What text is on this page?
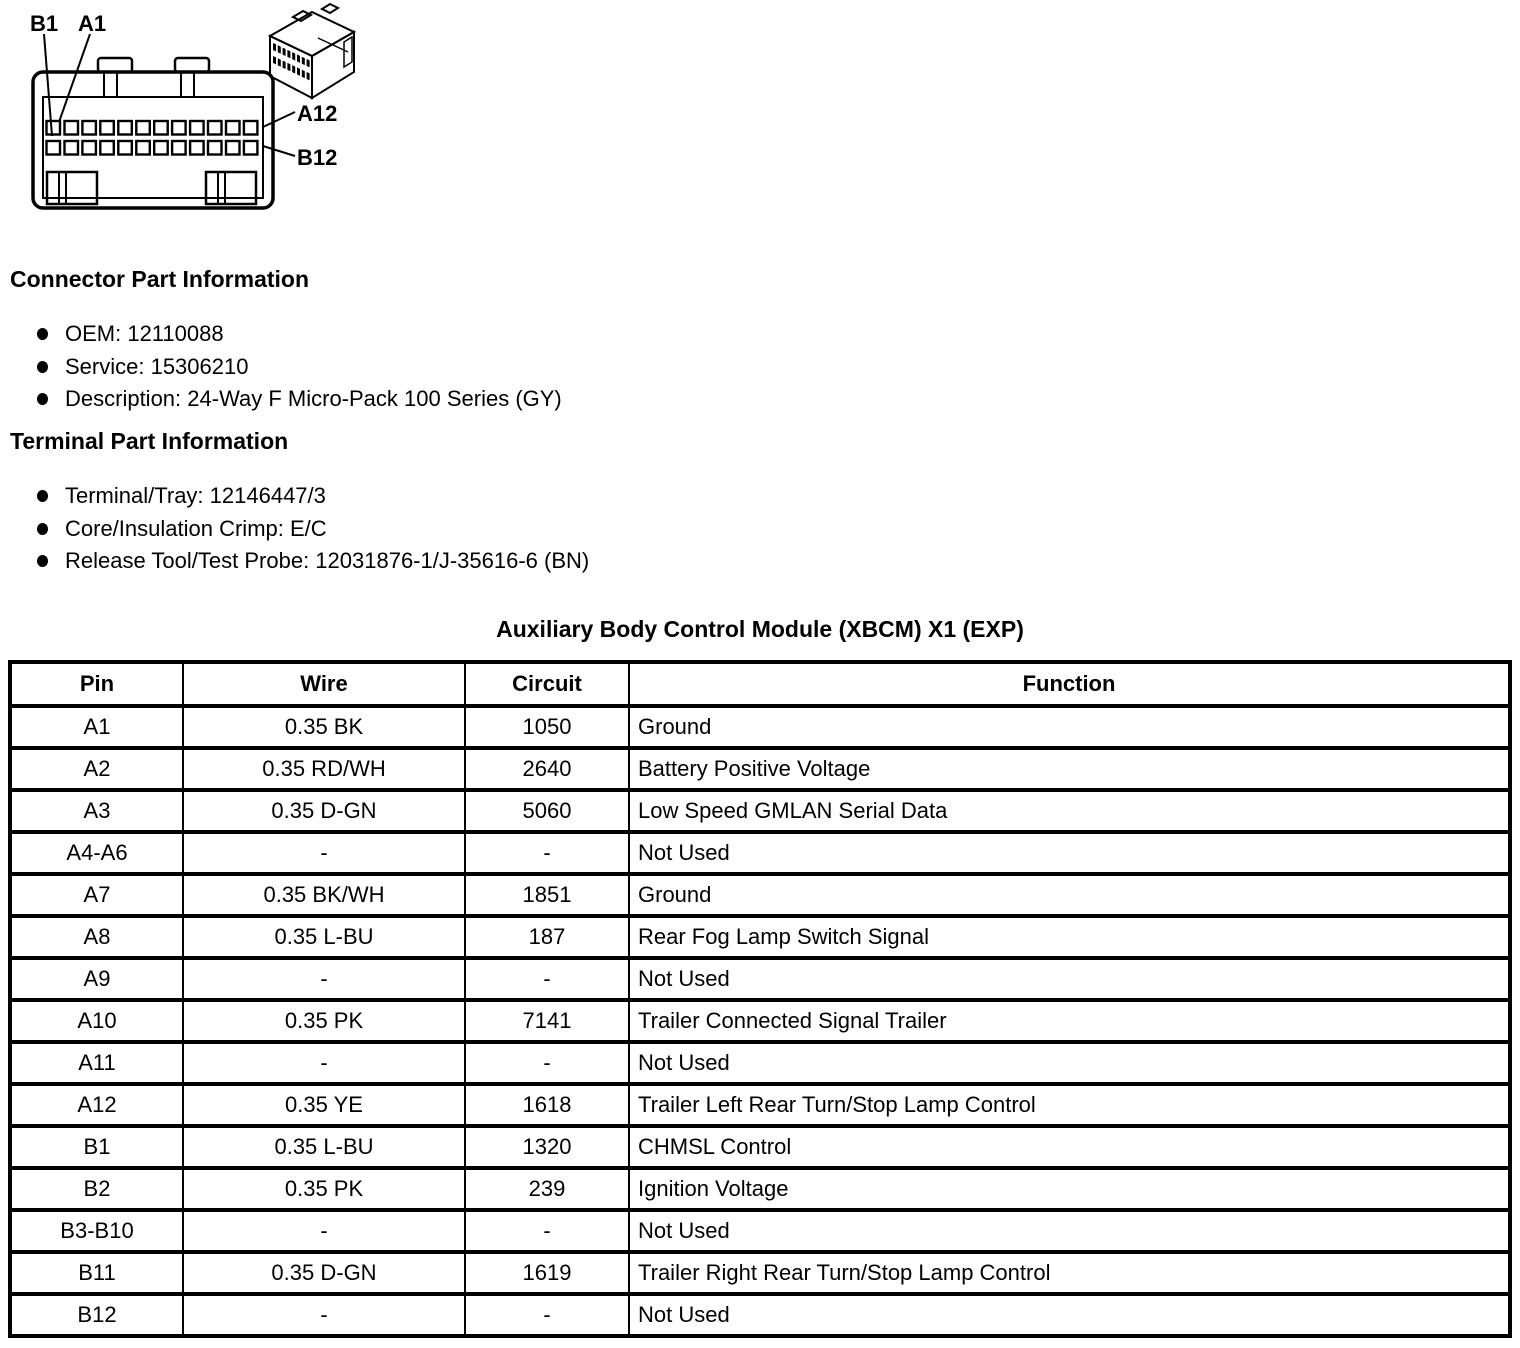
B1 A1
A12
B12
Connector Part Information
OEM: 12110088
Service: 15306210
Description: 24-Way F Micro-Pack 100 Series (GY)
Terminal Part Information
Terminal/Tray: 12146447/3
Core/Insulation Crimp: E/C
Release Tool/Test Probe: 12031876-1/J-35616-6 (BN)
Auxiliary Body Control Module (XBCM) X1 (EXP)
Pin	Wire	Circuit	Function
A1	0.35 BK	1050	Ground
A2	0.35 RD/WH	2640	Battery Positive Voltage
A3	0.35 D-GN	5060	Low Speed GMLAN Serial Data
A4-A6	-	-	Not Used
A7	0.35 BK/WH	1851	Ground
A8	0.35 L-BU	187	Rear Fog Lamp Switch Signal
A9	-	-	Not Used
A10	0.35 PK	7141	Trailer Connected Signal Trailer
A11	-	-	Not Used
A12	0.35 YE	1618	Trailer Left Rear Turn/Stop Lamp Control
B1	0.35 L-BU	1320	CHMSL Control
B2	0.35 PK	239	Ignition Voltage
B3-B10	-	-	Not Used
B11	0.35 D-GN	1619	Trailer Right Rear Turn/Stop Lamp Control
B12	-	-	Not Used
